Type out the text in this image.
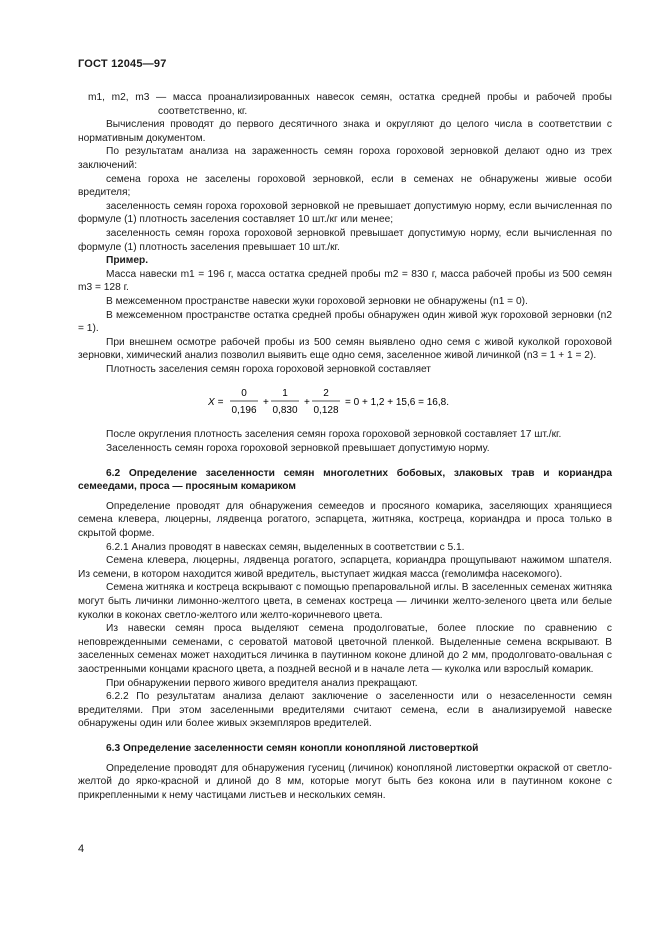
ГОСТ 12045—97

m1, m2, m3 — масса проанализированных навесок семян, остатка средней пробы и рабочей пробы соответственно, кг.

Вычисления проводят до первого десятичного знака и округляют до целого числа в соответствии с нормативным документом.

По результатам анализа на зараженность семян гороха гороховой зерновкой делают одно из трех заключений:

семена гороха не заселены гороховой зерновкой, если в семенах не обнаружены живые особи вредителя;

заселенность семян гороха гороховой зерновкой не превышает допустимую норму, если вычисленная по формуле (1) плотность заселения составляет 10 шт./кг или менее;

заселенность семян гороха гороховой зерновкой превышает допустимую норму, если вычисленная по формуле (1) плотность заселения превышает 10 шт./кг.

Пример.

Масса навески m1 = 196 г, масса остатка средней пробы m2 = 830 г, масса рабочей пробы из 500 семян m3 = 128 г.

В межсеменном пространстве навески жуки гороховой зерновки не обнаружены (n1 = 0).

В межсеменном пространстве остатка средней пробы обнаружен один живой жук гороховой зерновки (n2 = 1).

При внешнем осмотре рабочей пробы из 500 семян выявлено одно семя с живой куколкой гороховой зерновки, химический анализ позволил выявить еще одно семя, заселенное живой личинкой (n3 = 1 + 1 = 2).

Плотность заселения семян гороха гороховой зерновкой составляет

X =
0
0,196
+
1
0,830
+
2
0,128
= 0 + 1,2 + 15,6 = 16,8.

После округления плотность заселения семян гороха гороховой зерновкой составляет 17 шт./кг.

Заселенность семян гороха гороховой зерновкой превышает допустимую норму.

6.2 Определение заселенности семян многолетних бобовых, злаковых трав и кориандра семеедами, проса — просяным комариком

Определение проводят для обнаружения семеедов и просяного комарика, заселяющих хранящиеся семена клевера, люцерны, лядвенца рогатого, эспарцета, житняка, кострeца, кориандра и проса только в скрытой форме.

6.2.1 Анализ проводят в навесках семян, выделенных в соответствии с 5.1.

Семена клевера, люцерны, лядвенца рогатого, эспарцета, кориандра прощупывают нажимом шпателя. Из семени, в котором находится живой вредитель, выступает жидкая масса (гемолимфа насекомого).

Семена житняка и кострeца вскрывают с помощью препаровальной иглы. В заселенных семенах житняка могут быть личинки лимонно-желтого цвета, в семенах кострeца — личинки желто-зеленого цвета или белые куколки в коконах светло-желтого или желто-коричневого цвета.

Из навески семян проса выделяют семена продолговатые, более плоские по сравнению с неповрежденными семенами, с сероватой матовой цветочной пленкой. Выделенные семена вскрывают. В заселенных семенах может находиться личинка в паутинном коконе длиной до 2 мм, продолговато-овальная с заостренными концами красного цвета, а поздней весной и в начале лета — куколка или взрослый комарик.

При обнаружении первого живого вредителя анализ прекращают.

6.2.2 По результатам анализа делают заключение о заселенности или о незаселенности семян вредителями. При этом заселенными вредителями считают семена, если в анализируемой навеске обнаружены один или более живых экземпляров вредителей.

6.3 Определение заселенности семян конопли конопляной листоверткой

Определение проводят для обнаружения гусениц (личинок) конопляной листовертки окраской от светло-желтой до ярко-красной и длиной до 8 мм, которые могут быть без кокона или в паутинном коконе с прикрепленными к нему частицами листьев и нескольких семян.

4
